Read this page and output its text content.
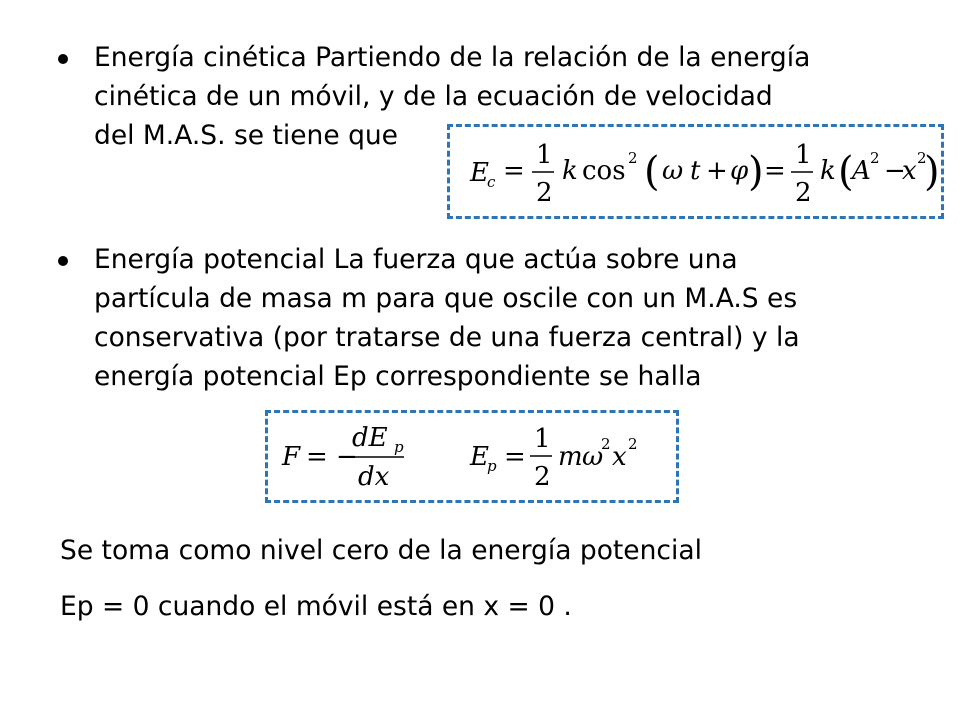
Energía cinética Partiendo de la relación de la energía
cinética de un móvil, y de la ecuación de velocidad
del M.A.S. se tiene que
E
c =
1
2
k cos 2 ( ω t + φ ) =
1
2
k (
A 2 −
x 2
)
Energía potencial La fuerza que actúa sobre una
partícula de masa m para que oscile con un M.A.S es
conservativa (por tratarse de una fuerza central) y la
energía potencial Ep correspondiente se halla
F = −
dE p
dx
E
p =
1
2
m ω
2 x 2
Se toma como nivel cero de la energía potencial
Ep = 0 cuando el móvil está en x = 0 .
